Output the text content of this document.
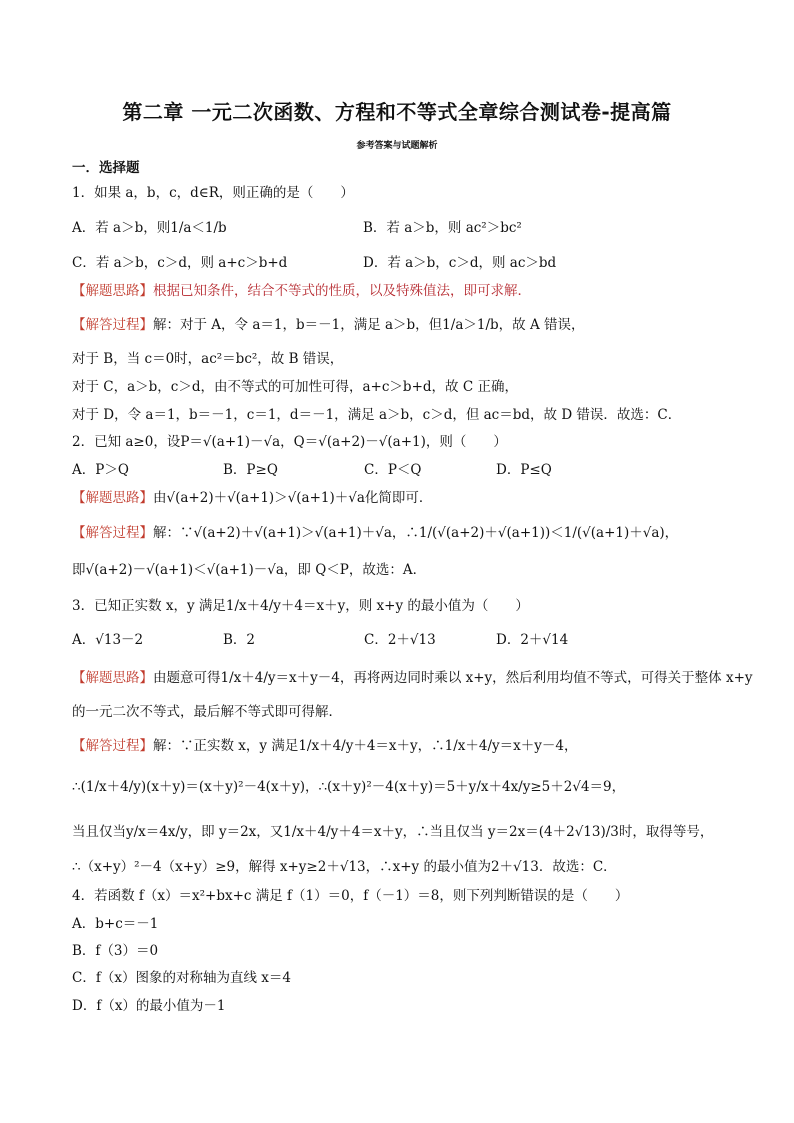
第二章 一元二次函数、方程和不等式全章综合测试卷-提高篇
参考答案与试题解析
一．选择题
1．如果 a，b，c，d∈R，则正确的是（　　）
A．若 a＞b，则1/a＜1/b	B．若 a＞b，则 ac²＞bc²
C．若 a＞b，c＞d，则 a+c＞b+d	D．若 a＞b，c＞d，则 ac＞bd
【解题思路】根据已知条件，结合不等式的性质，以及特殊值法，即可求解．
【解答过程】解：对于 A，令 a＝1，b＝－1，满足 a＞b，但1/a＞1/b，故 A 错误，
对于 B，当 c＝0时，ac²＝bc²，故 B 错误，
对于 C，a＞b，c＞d，由不等式的可加性可得，a+c＞b+d，故 C 正确，
对于 D，令 a＝1，b＝－1，c＝1，d＝－1，满足 a＞b，c＞d，但 ac＝bd，故 D 错误．故选：C．
2．已知 a≥0，设P＝√(a+1)－√a，Q＝√(a+2)－√(a+1)，则（　　）
A．P＞Q	B．P≥Q	C．P＜Q	D．P≤Q
【解题思路】由√(a+2)＋√(a+1)＞√(a+1)＋√a化简即可．
【解答过程】解：∵√(a+2)＋√(a+1)＞√(a+1)＋√a，∴1/(√(a+2)＋√(a+1))＜1/(√(a+1)＋√a)，
即√(a+2)－√(a+1)＜√(a+1)－√a，即 Q＜P，故选：A．
3．已知正实数 x，y 满足1/x＋4/y＋4＝x＋y，则 x+y 的最小值为（　　）
A．√13－2	B．2	C．2＋√13	D．2＋√14
【解题思路】由题意可得1/x＋4/y＝x＋y－4，再将两边同时乘以 x+y，然后利用均值不等式，可得关于整体 x+y
的一元二次不等式，最后解不等式即可得解．
【解答过程】解：∵正实数 x，y 满足1/x＋4/y＋4＝x＋y，∴1/x＋4/y＝x＋y－4，
∴(1/x＋4/y)(x＋y)＝(x＋y)²－4(x＋y)，∴(x＋y)²－4(x＋y)＝5＋y/x＋4x/y≥5＋2√4＝9，
当且仅当y/x＝4x/y，即 y＝2x，又1/x＋4/y＋4＝x＋y，∴当且仅当 y＝2x＝(4＋2√13)/3时，取得等号，
∴（x+y）²－4（x+y）≥9，解得 x+y≥2＋√13，∴x+y 的最小值为2＋√13．故选：C．
4．若函数 f（x）＝x²+bx+c 满足 f（1）＝0，f（－1）＝8，则下列判断错误的是（　　）
A．b+c＝－1
B．f（3）＝0
C．f（x）图象的对称轴为直线 x＝4
D．f（x）的最小值为－1
